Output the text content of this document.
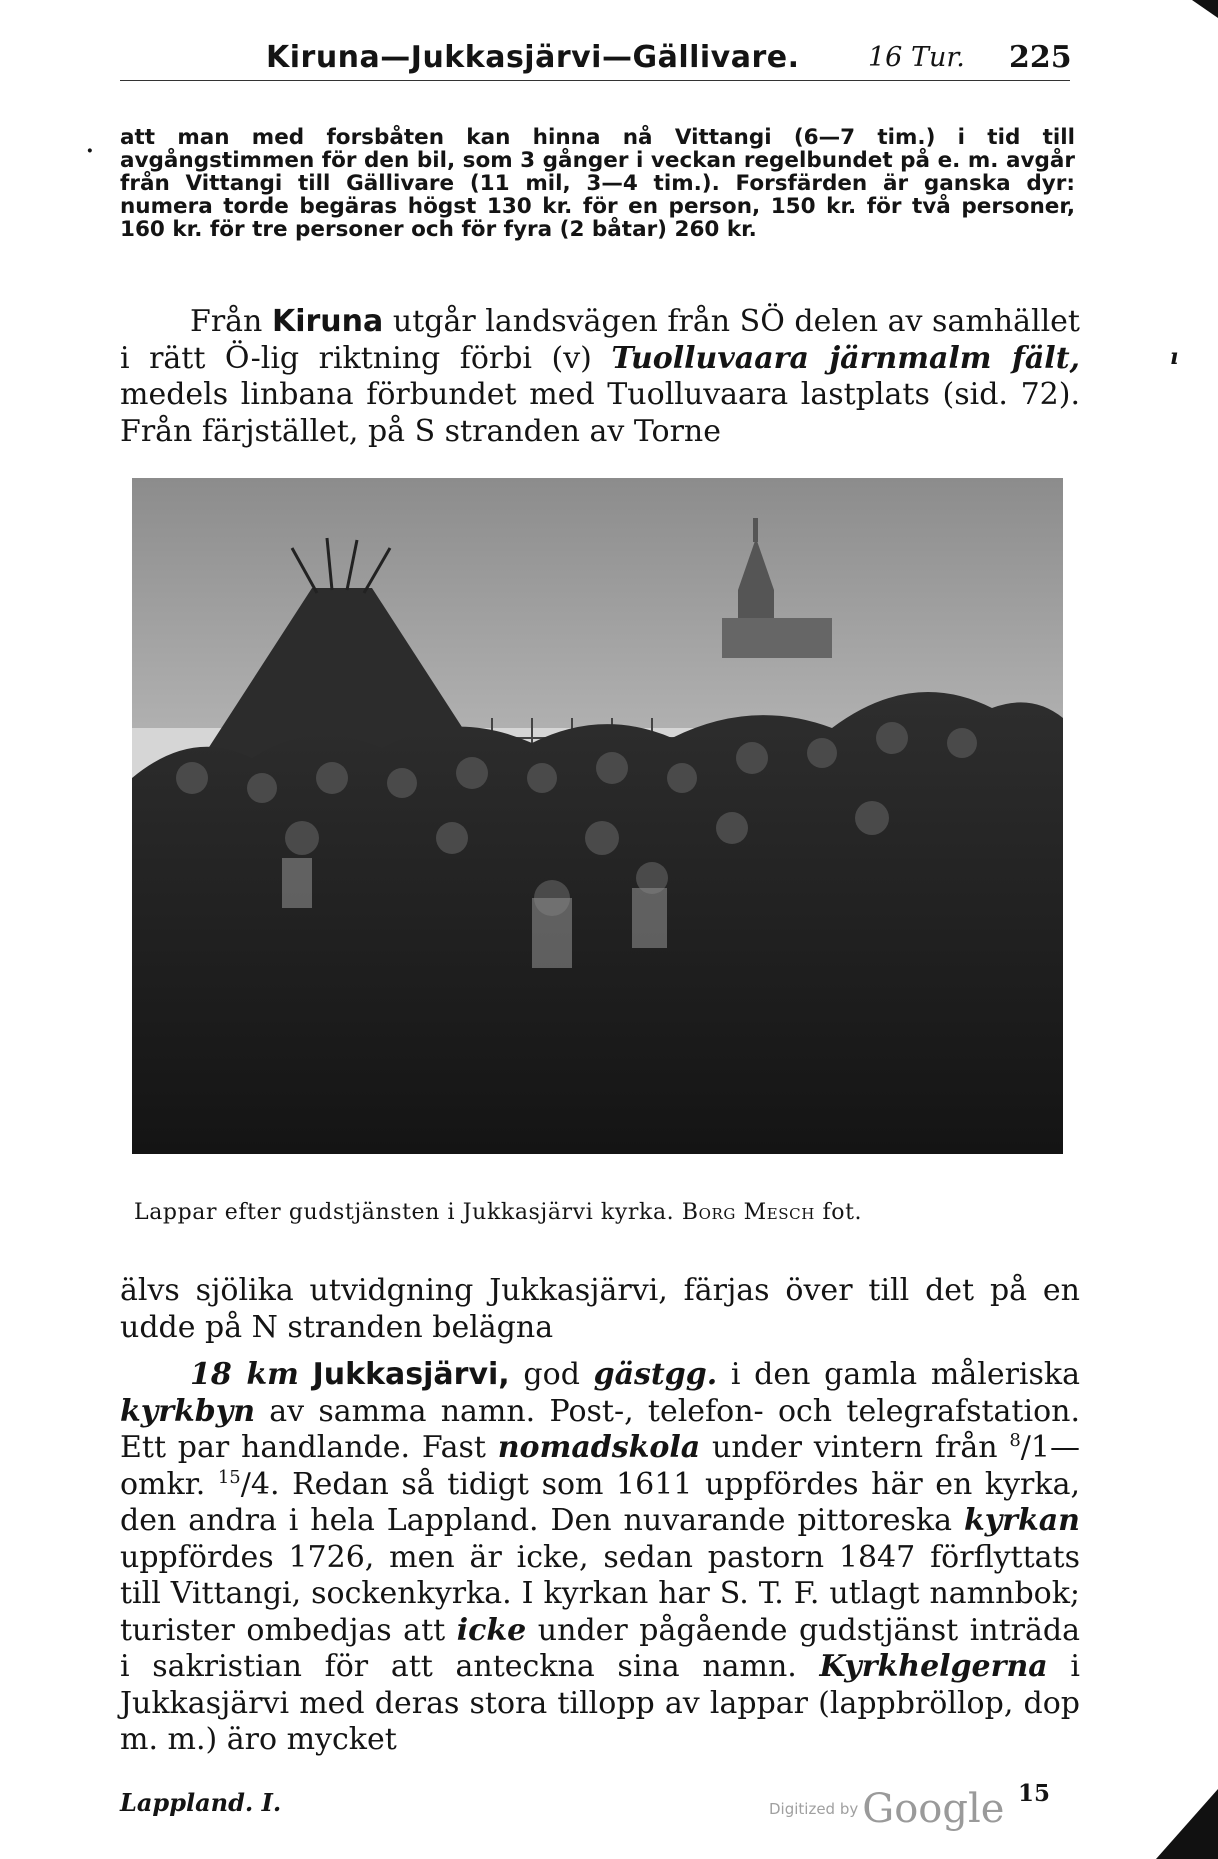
Kiruna—Jukkasjärvi—Gällivare.	16 Tur. 225
·

att man med forsbåten kan hinna nå Vittangi (6—7 tim.) i tid till avgångstimmen för den bil, som 3 gånger i veckan regelbundet på e. m. avgår från Vittangi till Gällivare (11 mil, 3—4 tim.). Forsfärden är ganska dyr: numera torde begäras högst 130 kr. för en person, 150 kr. för två personer, 160 kr. för tre personer och för fyra (2 båtar) 260 kr.

Från Kiruna utgår landsvägen från SÖ delen av samhället i rätt Ö-lig riktning förbi (v) Tuolluvaara järnmalm fält, medels linbana förbundet med Tuolluvaara lastplats (sid. 72). Från färjstället, på S stranden av Torne

ı
Lappar efter gudstjänsten i Jukkasjärvi kyrka. Borg Mesch fot.

älvs sjölika utvidgning Jukkasjärvi, färjas över till det på en udde på N stranden belägna

18 km Jukkasjärvi, god gästgg. i den gamla måleriska kyrkbyn av samma namn. Post-, telefon- och telegrafstation. Ett par handlande. Fast nomadskola under vintern från $^8$/1—omkr. $^{15}$/4. Redan så tidigt som 1611 uppfördes här en kyrka, den andra i hela Lappland. Den nuvarande pittoreska kyrkan uppfördes 1726, men är icke, sedan pastorn 1847 förflyttats till Vittangi, sockenkyrka. I kyrkan har S. T. F. utlagt namnbok; turister ombedjas att icke under pågående gudstjänst inträda i sakristian för att anteckna sina namn. Kyrkhelgerna i Jukkasjärvi med deras stora tillopp av lappar (lappbröllop, dop m. m.) äro mycket

Lappland. I.	Digitized by Google 15
